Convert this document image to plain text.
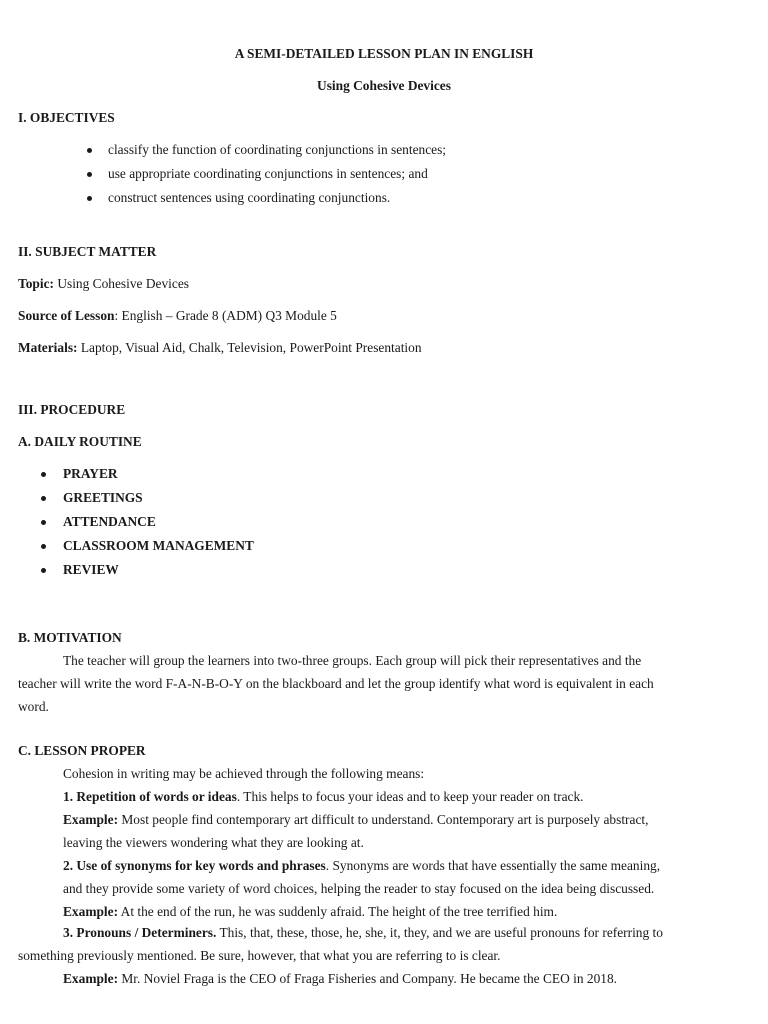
A SEMI-DETAILED LESSON PLAN IN ENGLISH
Using Cohesive Devices
I. OBJECTIVES
classify the function of coordinating conjunctions in sentences;
use appropriate coordinating conjunctions in sentences; and
construct sentences using coordinating conjunctions.
II. SUBJECT MATTER
Topic: Using Cohesive Devices
Source of Lesson: English – Grade 8 (ADM) Q3 Module 5
Materials: Laptop, Visual Aid, Chalk, Television, PowerPoint Presentation
III. PROCEDURE
A. DAILY ROUTINE
PRAYER
GREETINGS
ATTENDANCE
CLASSROOM MANAGEMENT
REVIEW
B. MOTIVATION
The teacher will group the learners into two-three groups. Each group will pick their representatives and the
teacher will write the word F-A-N-B-O-Y on the blackboard and let the group identify what word is equivalent in each
word.
C. LESSON PROPER
Cohesion in writing may be achieved through the following means:
1. Repetition of words or ideas. This helps to focus your ideas and to keep your reader on track.
Example: Most people find contemporary art difficult to understand. Contemporary art is purposely abstract,
leaving the viewers wondering what they are looking at.
2. Use of synonyms for key words and phrases. Synonyms are words that have essentially the same meaning,
and they provide some variety of word choices, helping the reader to stay focused on the idea being discussed.
Example: At the end of the run, he was suddenly afraid. The height of the tree terrified him.
3. Pronouns / Determiners. This, that, these, those, he, she, it, they, and we are useful pronouns for referring to
something previously mentioned. Be sure, however, that what you are referring to is clear.
Example: Mr. Noviel Fraga is the CEO of Fraga Fisheries and Company. He became the CEO in 2018.
